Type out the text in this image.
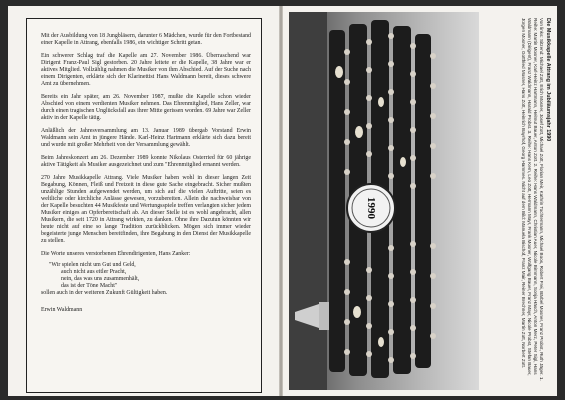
Mit der Ausbildung von 18 Jungbläsern, darunter 6 Mädchen, wurde für den Fortbestand einer Kapelle in Attrang, ebenfalls 1986, ein wichtiger Schritt getan.

Ein schwerer Schlag traf die Kapelle am 27. November 1986. Überraschend war Dirigent Franz-Paul Sigl gestorben. 20 Jahre leitete er die Kapelle, 38 Jahre war er aktives Mitglied. Vollzählig nahmen die Musiker von ihm Abschied. Auf der Suche nach einem Dirigenten, erklärte sich der Klarinettist Hans Waldmann bereit, dieses schwere Amt zu übernehmen.

Bereits ein Jahr später, am 26. November 1987, mußte die Kapelle schon wieder Abschied von einem verdienten Musiker nehmen. Das Ehrenmitglied, Hans Zeller, war durch einen tragischen Unglücksfall aus ihrer Mitte gerissen worden. 69 Jahre war Zeller aktiv in der Kapelle tätig.

Anläßlich der Jahresversammlung am 13. Januar 1989 übergab Vorstand Erwin Waldmann sein Amt in jüngere Hände. Karl-Heinz Hartmann erklärte sich dazu bereit und wurde mit großer Mehrheit von der Versammlung gewählt.

Beim Jahreskonzert am 26. Dezember 1989 konnte Nikolaus Osterried für 60 jährige aktive Tätigkeit als Musiker ausgezeichnet und zum "Ehrenmitglied ernannt werden.

270 Jahre Musikkapelle Attrang. Viele Musiker haben wohl in dieser langen Zeit Begabung, Können, Fleiß und Freizeit in diese gute Sache eingebracht. Sicher mußten unzählige Stunden aufgewendet werden, um sich auf die vielen Auftritte, seien es weltliche oder kirchliche Anlässe gewesen, vorzubereiten. Allein die nachweisbar von der Kapelle besuchten 44 Musikfeste und Wertungsspiele treffen verlangten sicher jedem Musiker einiges an Opferbereitschaft ab. An dieser Stelle ist es wohl angebracht, allen Musikern, die seit 1720 in Attrang wirkten, zu danken. Ohne ihre Dazutun könnten wir heute nicht auf eine so lange Tradition zurückblicken. Mögen sich immer wieder begeisterte junge Menschen bereitfinden, ihre Begabung in den Dienst der Musikkapelle zu stellen.

Die Worte unseres verstorbenen Ehrendirigenten, Hans Zanker:

"Wir spielen nicht um Gut und Geld,
auch nicht aus eitler Pracht,
nein, das was uns zusammenhält,
das ist der Töne Macht"
sollen auch in der weiteren Zukunft Gültigkeit haben.
Erwin Waldmann
1990
Die Musikkapelle Attrang im Jubiläumsjahr 1990
Von links: Sitzend: Michael Zott, Erich Mosner, Josef Zott, Michael Zott, Florian Meir, Kathrin Tochtermann, Michael Boos, Robert Frei, Bärbel Mosner, Franz Probst, Ruth Jäger. 1. Reihe: Martin Mosner, Karl-Heinz Hartmann, Helmut Bauer, Anton Zott. 2. Reihe: Hans Waldmann, Christian Auer, Nicole Birnmann, Sonja Häsch, Anton Merz, Peter Sigl, Hans Waldmann (Dirigent), Franz Waldmann, Harald Probst. 3. Reihe: Hans Kern, Leo Zott, Hermann Mayr, Frank Mosner, Wolfgang Bauer, Franz Mayr, Nicole Probst, Stefan Bauer, Jürgen Mosner, Gottfried Mosner, Hans Zott, Heinrich Bayrhof, Georg Hammes. Nicht auf dem Bild: Manuela Bischof, Franz Mair, Reiner Brechner, Martin Zott, Norbert Zott.
